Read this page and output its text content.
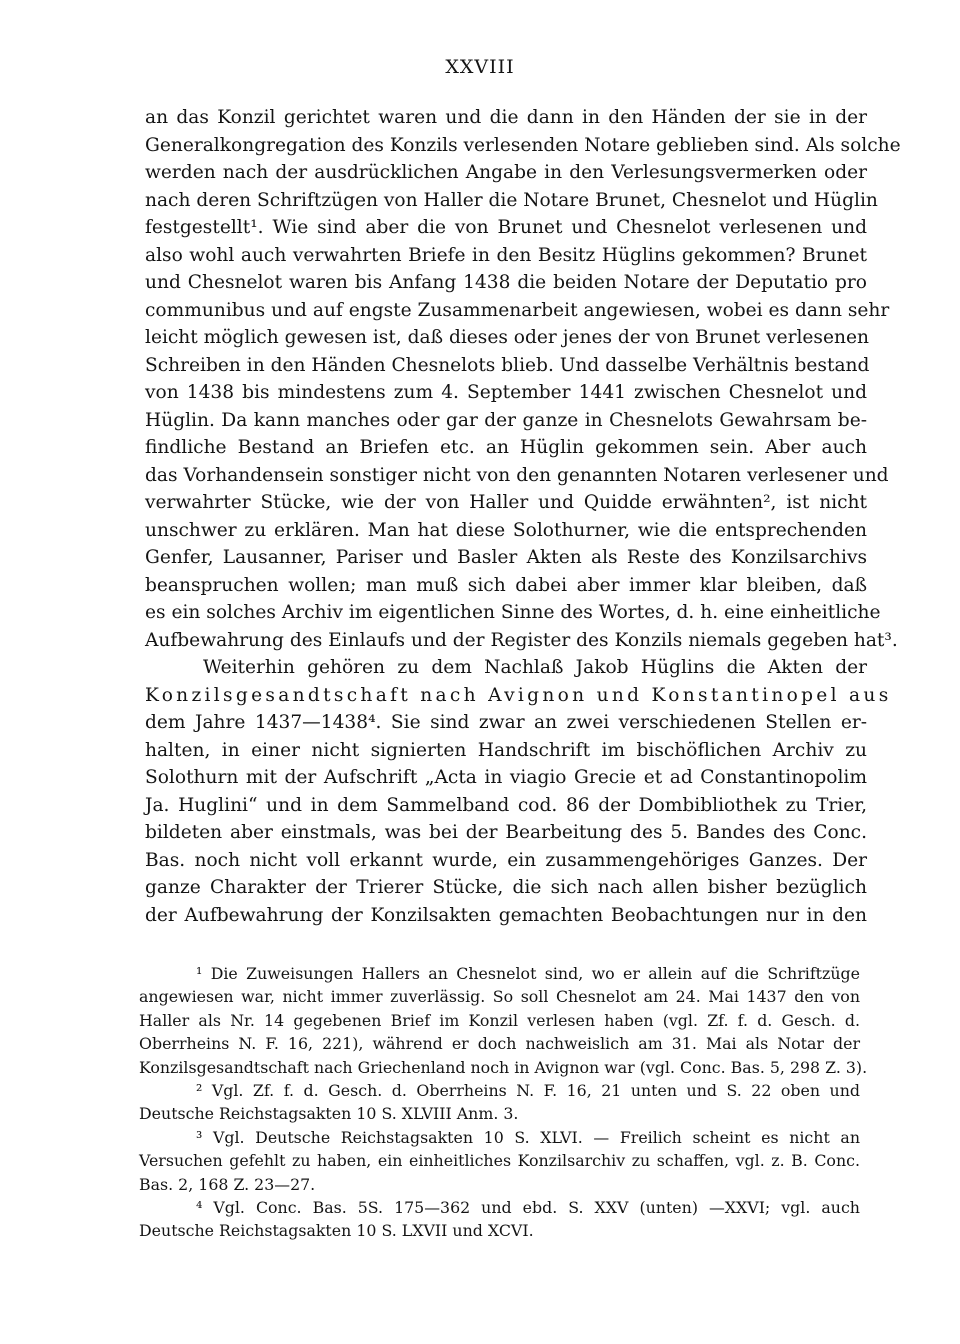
XXVIII
an das Konzil gerichtet waren und die dann in den Händen der sie in der
Generalkongregation des Konzils verlesenden Notare geblieben sind. Als solche
werden nach der ausdrücklichen Angabe in den Verlesungsvermerken oder
nach deren Schriftzügen von Haller die Notare Brunet, Chesnelot und Hüglin
festgestellt¹. Wie sind aber die von Brunet und Chesnelot verlesenen und
also wohl auch verwahrten Briefe in den Besitz Hüglins gekommen? Brunet
und Chesnelot waren bis Anfang 1438 die beiden Notare der Deputatio pro
communibus und auf engste Zusammenarbeit angewiesen, wobei es dann sehr
leicht möglich gewesen ist, daß dieses oder jenes der von Brunet verlesenen
Schreiben in den Händen Chesnelots blieb. Und dasselbe Verhältnis bestand
von 1438 bis mindestens zum 4. September 1441 zwischen Chesnelot und
Hüglin. Da kann manches oder gar der ganze in Chesnelots Gewahrsam be-
findliche Bestand an Briefen etc. an Hüglin gekommen sein. Aber auch
das Vorhandensein sonstiger nicht von den genannten Notaren verlesener und
verwahrter Stücke, wie der von Haller und Quidde erwähnten², ist nicht
unschwer zu erklären. Man hat diese Solothurner, wie die entsprechenden
Genfer, Lausanner, Pariser und Basler Akten als Reste des Konzilsarchivs
beanspruchen wollen; man muß sich dabei aber immer klar bleiben, daß
es ein solches Archiv im eigentlichen Sinne des Wortes, d. h. eine einheitliche
Aufbewahrung des Einlaufs und der Register des Konzils niemals gegeben hat³.
Weiterhin gehören zu dem Nachlaß Jakob Hüglins die Akten der
Konzilsgesandtschaft nach Avignon und Konstantinopel aus
dem Jahre 1437—1438⁴. Sie sind zwar an zwei verschiedenen Stellen er-
halten, in einer nicht signierten Handschrift im bischöflichen Archiv zu
Solothurn mit der Aufschrift „Acta in viagio Grecie et ad Constantinopolim
Ja. Huglini“ und in dem Sammelband cod. 86 der Dombibliothek zu Trier,
bildeten aber einstmals, was bei der Bearbeitung des 5. Bandes des Conc.
Bas. noch nicht voll erkannt wurde, ein zusammengehöriges Ganzes. Der
ganze Charakter der Trierer Stücke, die sich nach allen bisher bezüglich
der Aufbewahrung der Konzilsakten gemachten Beobachtungen nur in den
¹ Die Zuweisungen Hallers an Chesnelot sind, wo er allein auf die Schriftzüge
angewiesen war, nicht immer zuverlässig. So soll Chesnelot am 24. Mai 1437 den von
Haller als Nr. 14 gegebenen Brief im Konzil verlesen haben (vgl. Zf. f. d. Gesch. d.
Oberrheins N. F. 16, 221), während er doch nachweislich am 31. Mai als Notar der
Konzilsgesandtschaft nach Griechenland noch in Avignon war (vgl. Conc. Bas. 5, 298 Z. 3).
² Vgl. Zf. f. d. Gesch. d. Oberrheins N. F. 16, 21 unten und S. 22 oben und
Deutsche Reichstagsakten 10 S. XLVIII Anm. 3.
³ Vgl. Deutsche Reichstagsakten 10 S. XLVI. — Freilich scheint es nicht an
Versuchen gefehlt zu haben, ein einheitliches Konzilsarchiv zu schaffen, vgl. z. B. Conc.
Bas. 2, 168 Z. 23—27.
⁴ Vgl. Conc. Bas. 5S. 175—362 und ebd. S. XXV (unten) —XXVI; vgl. auch
Deutsche Reichstagsakten 10 S. LXVII und XCVI.
